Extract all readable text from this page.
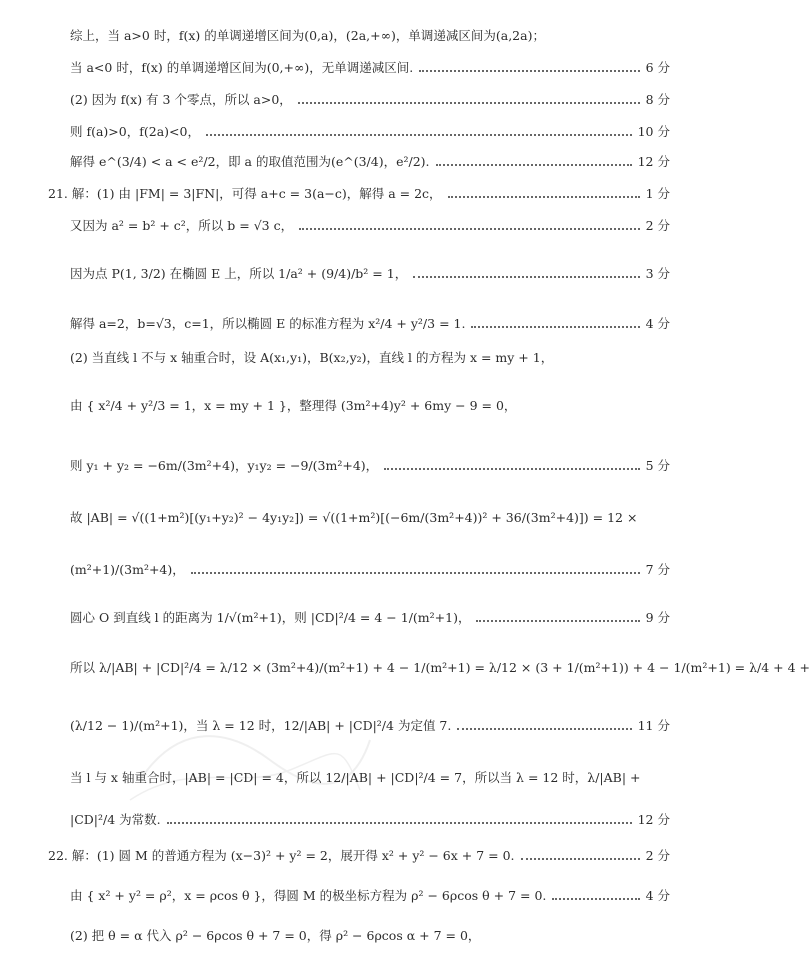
综上，当 a>0 时，f(x) 的单调递增区间为(0,a)，(2a,+∞)，单调递减区间为(a,2a)；
当 a<0 时，f(x) 的单调递增区间为(0,+∞)，无单调递减区间.	6 分
(2) 因为 f(x) 有 3 个零点，所以 a>0，	8 分
则 f(a)>0，f(2a)<0，	10 分
解得 e^(3/4) < a < e²/2，即 a 的取值范围为(e^(3/4)，e²/2).	12 分
21. 解：(1) 由 |FM| = 3|FN|，可得 a+c = 3(a−c)，解得 a = 2c，	1 分
又因为 a² = b² + c²，所以 b = √3 c，	2 分
因为点 P(1, 3/2) 在椭圆 E 上，所以 1/a² + (9/4)/b² = 1，	3 分
解得 a=2，b=√3，c=1，所以椭圆 E 的标准方程为 x²/4 + y²/3 = 1.	4 分
(2) 当直线 l 不与 x 轴重合时，设 A(x₁,y₁)，B(x₂,y₂)，直线 l 的方程为 x = my + 1，
由 { x²/4 + y²/3 = 1，x = my + 1 }，整理得 (3m²+4)y² + 6my − 9 = 0，
则 y₁ + y₂ = −6m/(3m²+4)，y₁y₂ = −9/(3m²+4)，	5 分
故 |AB| = √((1+m²)[(y₁+y₂)² − 4y₁y₂]) = √((1+m²)[(−6m/(3m²+4))² + 36/(3m²+4)]) = 12 ×
(m²+1)/(3m²+4)，	7 分
圆心 O 到直线 l 的距离为 1/√(m²+1)，则 |CD|²/4 = 4 − 1/(m²+1)，	9 分
所以 λ/|AB| + |CD|²/4 = λ/12 × (3m²+4)/(m²+1) + 4 − 1/(m²+1) = λ/12 × (3 + 1/(m²+1)) + 4 − 1/(m²+1) = λ/4 + 4 +
(λ/12 − 1)/(m²+1)，当 λ = 12 时，12/|AB| + |CD|²/4 为定值 7.	11 分
当 l 与 x 轴重合时，|AB| = |CD| = 4，所以 12/|AB| + |CD|²/4 = 7，所以当 λ = 12 时，λ/|AB| +
|CD|²/4 为常数.	12 分
22. 解：(1) 圆 M 的普通方程为 (x−3)² + y² = 2，展开得 x² + y² − 6x + 7 = 0.	2 分
由 { x² + y² = ρ²，x = ρcos θ }，得圆 M 的极坐标方程为 ρ² − 6ρcos θ + 7 = 0.	4 分
(2) 把 θ = α 代入 ρ² − 6ρcos θ + 7 = 0，得 ρ² − 6ρcos α + 7 = 0，
